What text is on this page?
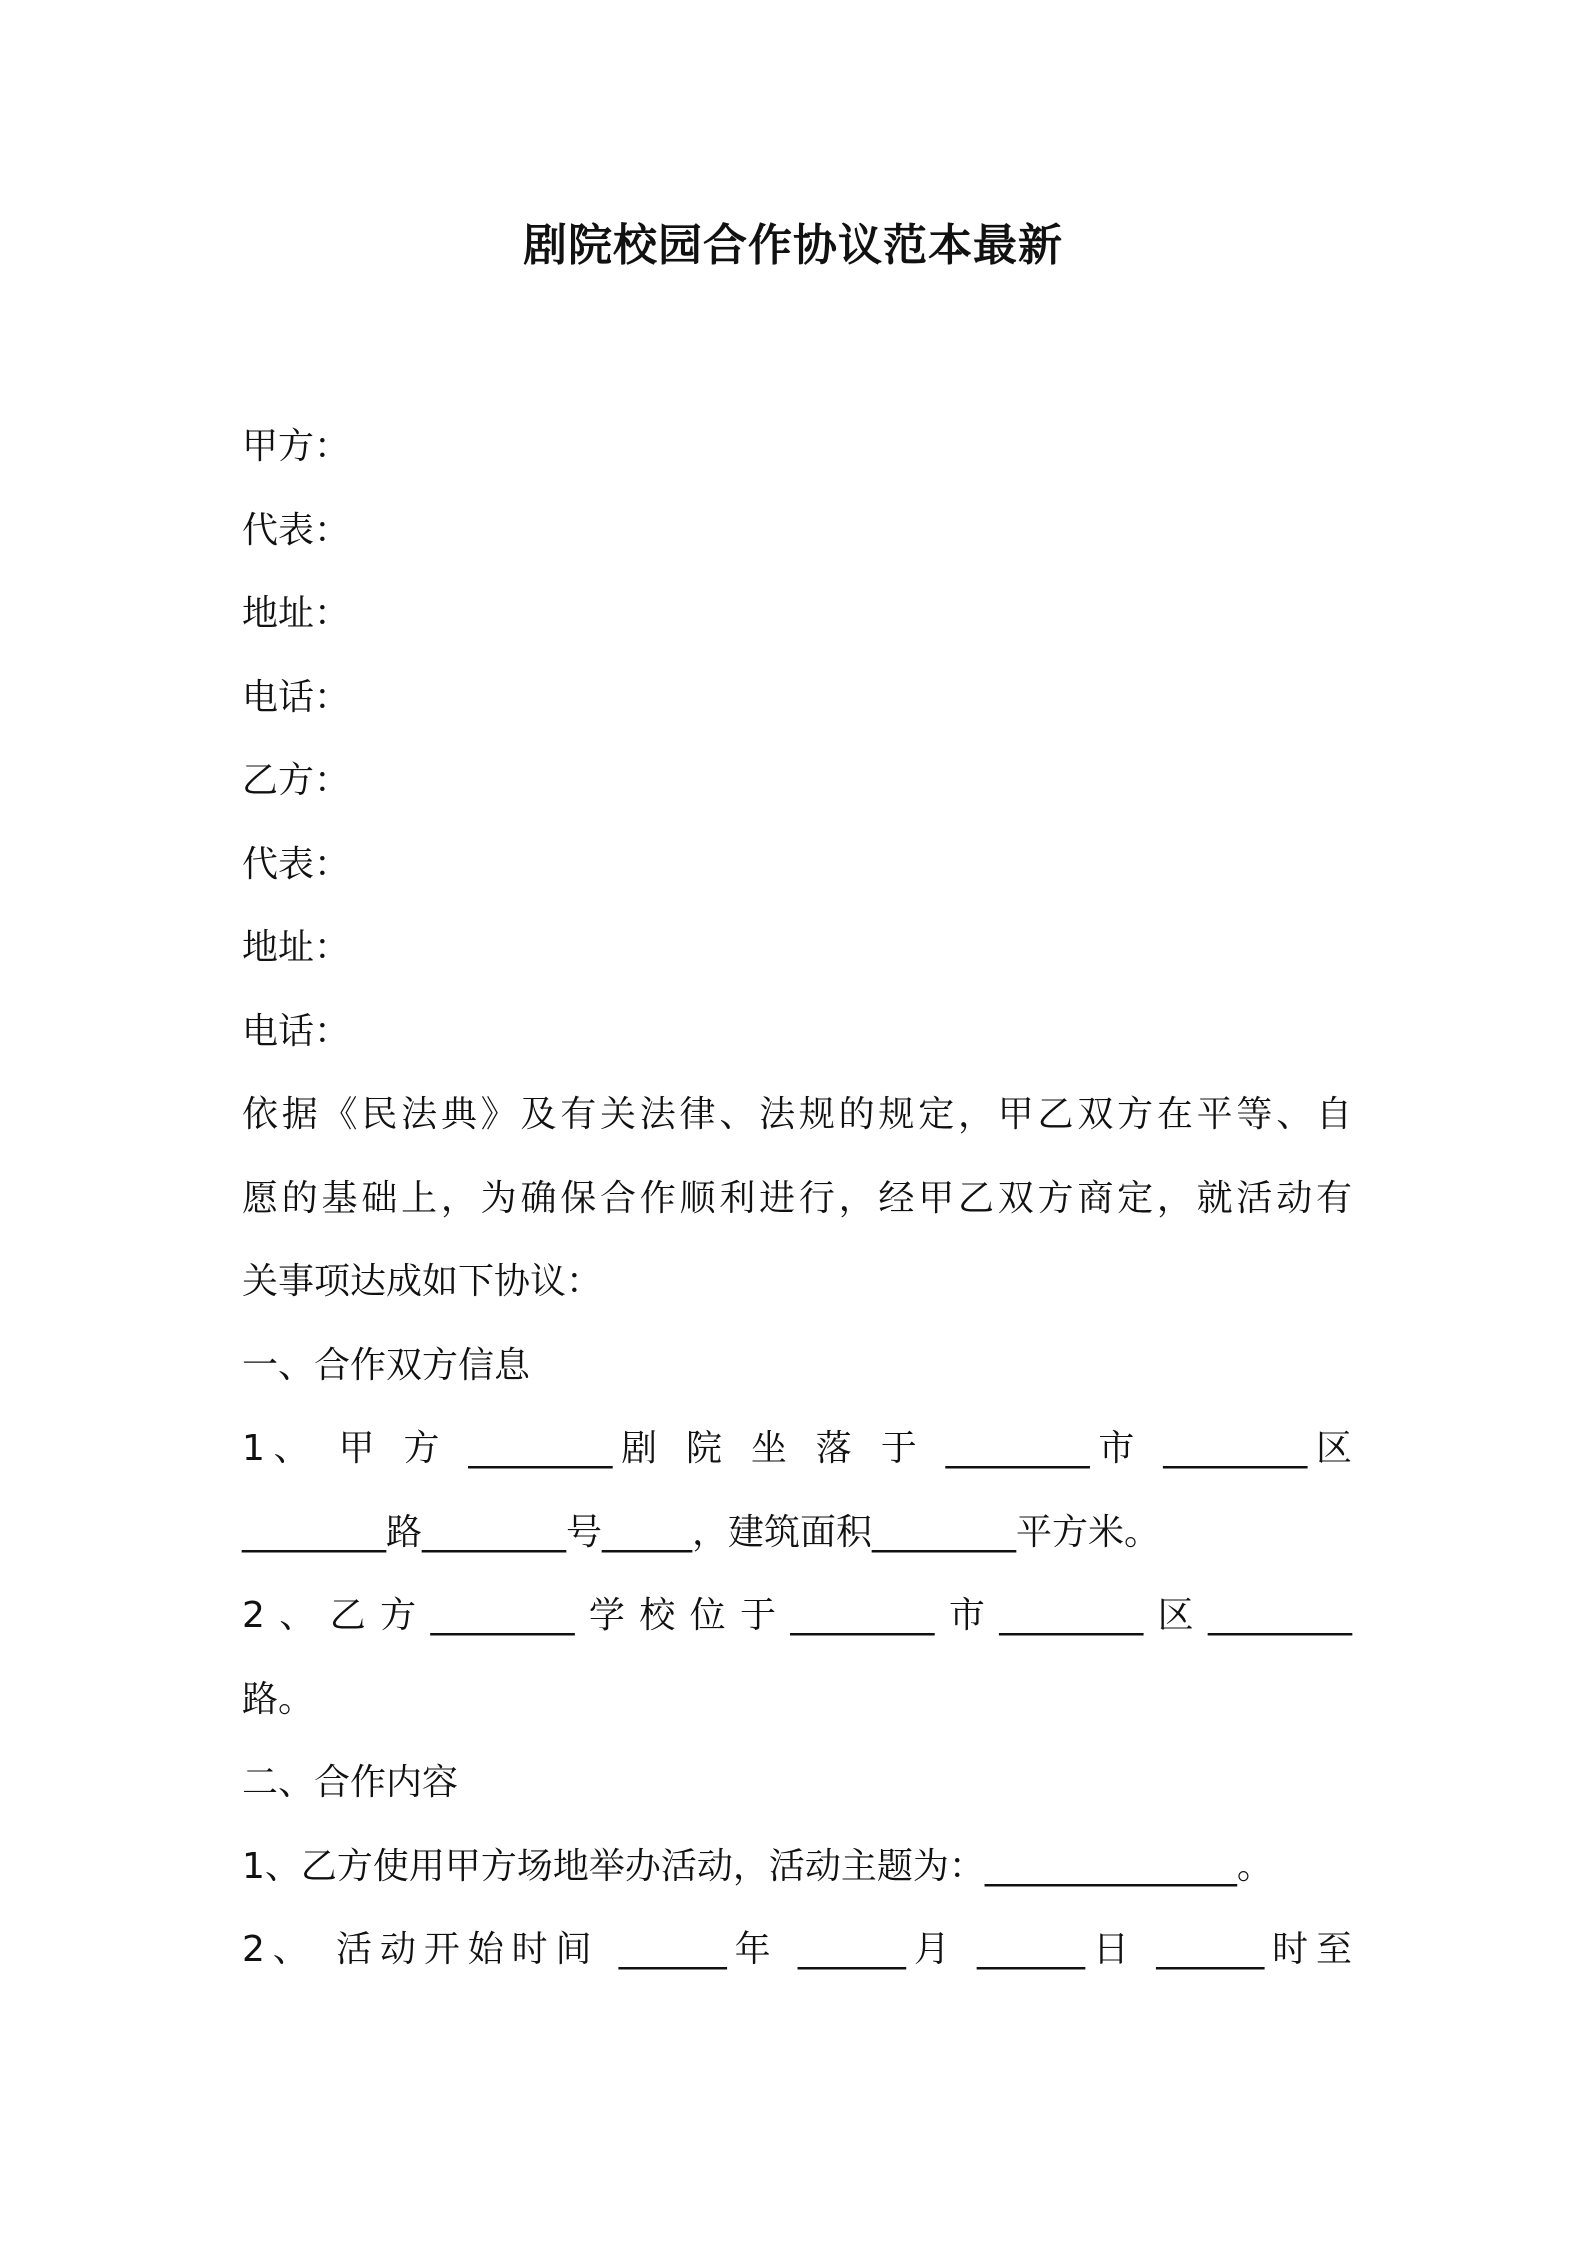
剧院校园合作协议范本最新
甲方：
代表：
地址：
电话：
乙方：
代表：
地址：
电话：
依据《民法典》及有关法律、法规的规定，甲乙双方在平等、自
愿的基础上，为确保合作顺利进行，经甲乙双方商定，就活动有
关事项达成如下协议：
一、合作双方信息
1、 甲 方 ________剧 院 坐 落 于 ________市 ________区
________路________号_____，建筑面积________平方米。
2、乙方________学校位于________市________区________
路。
二、合作内容
1、乙方使用甲方场地举办活动，活动主题为：______________。
2、 活动开始时间 ______年 ______月 ______日 ______时至
